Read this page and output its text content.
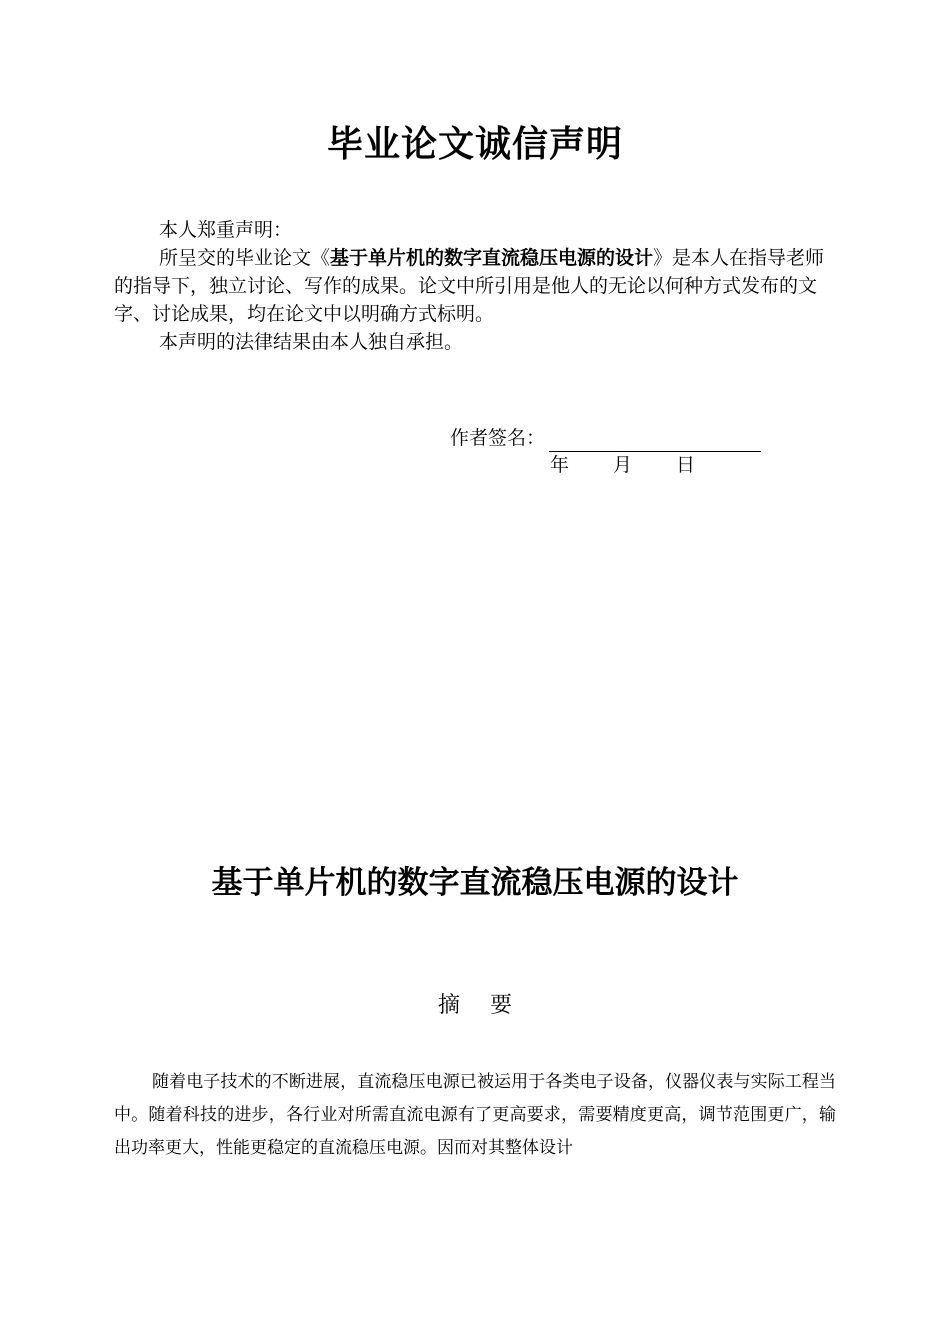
毕业论文诚信声明

本人郑重声明：

所呈交的毕业论文《基于单片机的数字直流稳压电源的设计》是本人在指导老师的指导下，独立讨论、写作的成果。论文中所引用是他人的无论以何种方式发布的文字、讨论成果，均在论文中以明确方式标明。

本声明的法律结果由本人独自承担。

作者签名：
年 月 日
基于单片机的数字直流稳压电源的设计
摘 要

随着电子技术的不断进展，直流稳压电源已被运用于各类电子设备，仪器仪表与实际工程当中。随着科技的进步，各行业对所需直流电源有了更高要求，需要精度更高，调节范围更广，输出功率更大，性能更稳定的直流稳压电源。因而对其整体设计
